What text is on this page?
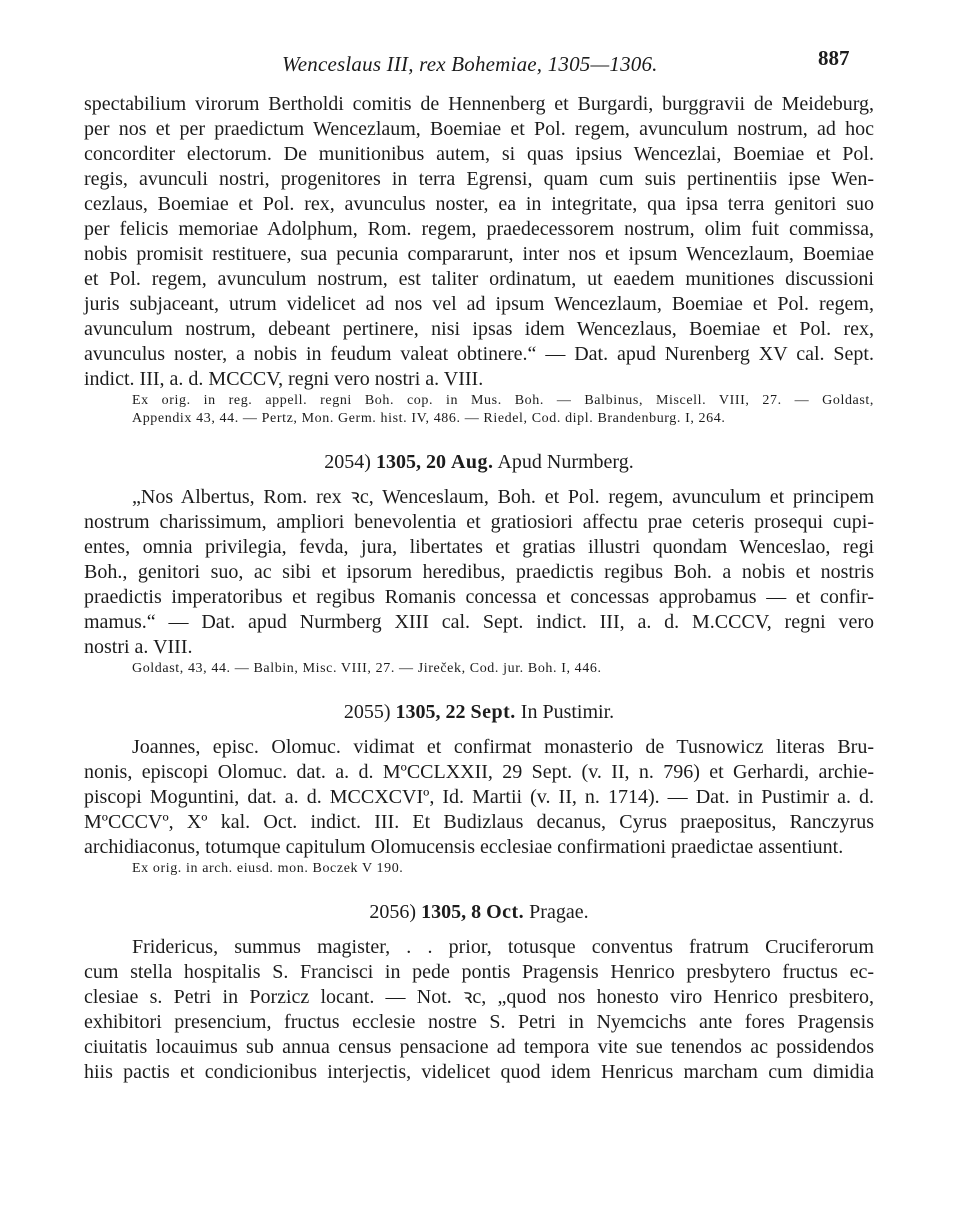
Wenceslaus III, rex Bohemiae, 1305—1306.	887
spectabilium virorum Bertholdi comitis de Hennenberg et Burgardi, burggravii de Meideburg,
per nos et per praedictum Wencezlaum, Boemiae et Pol. regem, avunculum nostrum, ad hoc
concorditer electorum. De munitionibus autem, si quas ipsius Wencezlai, Boemiae et Pol.
regis, avunculi nostri, progenitores in terra Egrensi, quam cum suis pertinentiis ipse Wen-
cezlaus, Boemiae et Pol. rex, avunculus noster, ea in integritate, qua ipsa terra genitori suo
per felicis memoriae Adolphum, Rom. regem, praedecessorem nostrum, olim fuit commissa,
nobis promisit restituere, sua pecunia compararunt, inter nos et ipsum Wencezlaum, Boemiae
et Pol. regem, avunculum nostrum, est taliter ordinatum, ut eaedem munitiones discussioni
juris subjaceant, utrum videlicet ad nos vel ad ipsum Wencezlaum, Boemiae et Pol. regem,
avunculum nostrum, debeant pertinere, nisi ipsas idem Wencezlaus, Boemiae et Pol. rex,
avunculus noster, a nobis in feudum valeat obtinere.“ — Dat. apud Nurenberg XV cal. Sept.
indict. III, a. d. MCCCV, regni vero nostri a. VIII.
Ex orig. in reg. appell. regni Boh. cop. in Mus. Boh. — Balbinus, Miscell. VIII, 27. — Goldast,
Appendix 43, 44. — Pertz, Mon. Germ. hist. IV, 486. — Riedel, Cod. dipl. Brandenburg. I, 264.
2054) 1305, 20 Aug. Apud Nurmberg.
„Nos Albertus, Rom. rex ꝛc, Wenceslaum, Boh. et Pol. regem, avunculum et principem
nostrum charissimum, ampliori benevolentia et gratiosiori affectu prae ceteris prosequi cupi-
entes, omnia privilegia, fevda, jura, libertates et gratias illustri quondam Wenceslao, regi
Boh., genitori suo, ac sibi et ipsorum heredibus, praedictis regibus Boh. a nobis et nostris
praedictis imperatoribus et regibus Romanis concessa et concessas approbamus — et confir-
mamus.“ — Dat. apud Nurmberg XIII cal. Sept. indict. III, a. d. M.CCCV, regni vero
nostri a. VIII.
Goldast, 43, 44. — Balbin, Misc. VIII, 27. — Jireček, Cod. jur. Boh. I, 446.
2055) 1305, 22 Sept. In Pustimir.
Joannes, episc. Olomuc. vidimat et confirmat monasterio de Tusnowicz literas Bru-
nonis, episcopi Olomuc. dat. a. d. MºCCLXXII, 29 Sept. (v. II, n. 796) et Gerhardi, archie-
piscopi Moguntini, dat. a. d. MCCXCVIº, Id. Martii (v. II, n. 1714). — Dat. in Pustimir a. d.
MºCCCVº, Xº kal. Oct. indict. III. Et Budizlaus decanus, Cyrus praepositus, Ranczyrus
archidiaconus, totumque capitulum Olomucensis ecclesiae confirmationi praedictae assentiunt.
Ex orig. in arch. eiusd. mon. Boczek V 190.
2056) 1305, 8 Oct. Pragae.
Fridericus, summus magister, . . prior, totusque conventus fratrum Cruciferorum
cum stella hospitalis S. Francisci in pede pontis Pragensis Henrico presbytero fructus ec-
clesiae s. Petri in Porzicz locant. — Not. ꝛc, „quod nos honesto viro Henrico presbitero,
exhibitori presencium, fructus ecclesie nostre S. Petri in Nyemcichs ante fores Pragensis
ciuitatis locauimus sub annua census pensacione ad tempora vite sue tenendos ac possidendos
hiis pactis et condicionibus interjectis, videlicet quod idem Henricus marcham cum dimidia
